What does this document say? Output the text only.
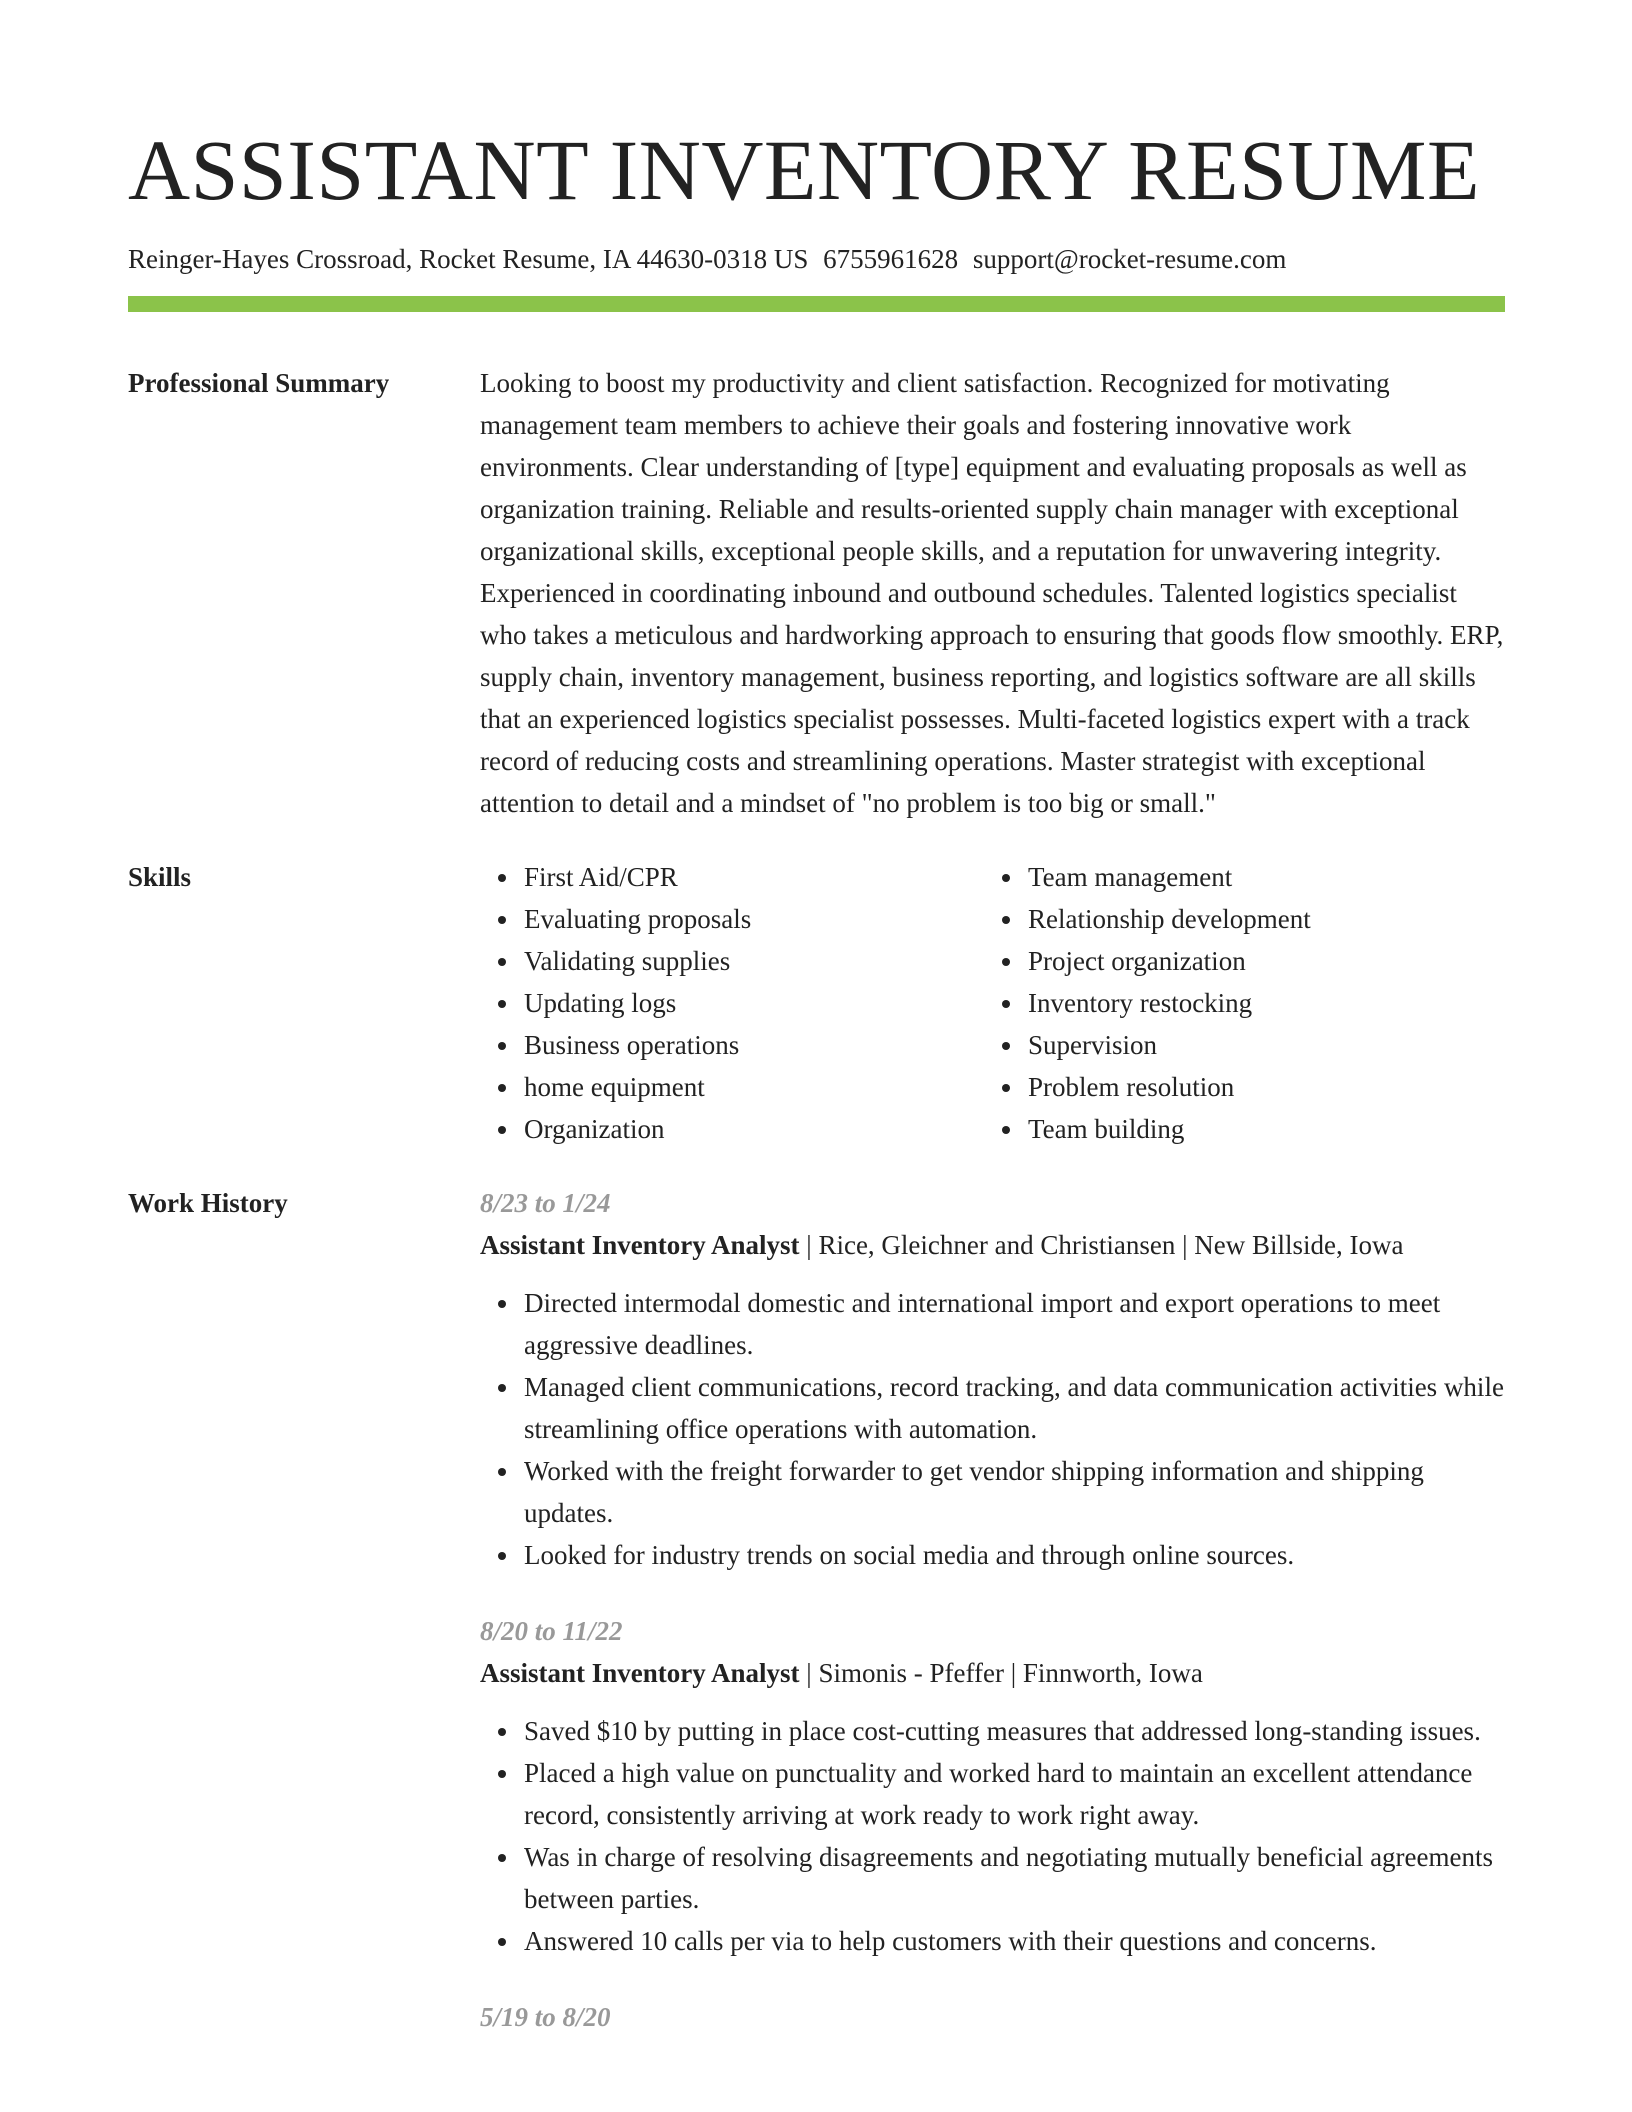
ASSISTANT INVENTORY RESUME
Reinger-Hayes Crossroad, Rocket Resume, IA 44630-0318 US 6755961628 support@rocket-resume.com
Professional Summary	Looking to boost my productivity and client satisfaction. Recognized for motivating management team members to achieve their goals and fostering innovative work environments. Clear understanding of [type] equipment and evaluating proposals as well as organization training. Reliable and results-oriented supply chain manager with exceptional organizational skills, exceptional people skills, and a reputation for unwavering integrity. Experienced in coordinating inbound and outbound schedules. Talented logistics specialist who takes a meticulous and hardworking approach to ensuring that goods flow smoothly. ERP, supply chain, inventory management, business reporting, and logistics software are all skills that an experienced logistics specialist possesses. Multi-faceted logistics expert with a track record of reducing costs and streamlining operations. Master strategist with exceptional attention to detail and a mindset of "no problem is too big or small."
Skills	First Aid/CPR
Evaluating proposals
Validating supplies
Updating logs
Business operations
home equipment
Organization
Team management
Relationship development
Project organization
Inventory restocking
Supervision
Problem resolution
Team building
Work History	8/23 to 1/24
Assistant Inventory Analyst | Rice, Gleichner and Christiansen | New Billside, Iowa
Directed intermodal domestic and international import and export operations to meet aggressive deadlines.
Managed client communications, record tracking, and data communication activities while streamlining office operations with automation.
Worked with the freight forwarder to get vendor shipping information and shipping updates.
Looked for industry trends on social media and through online sources.
8/20 to 11/22
Assistant Inventory Analyst | Simonis - Pfeffer | Finnworth, Iowa
Saved $10 by putting in place cost-cutting measures that addressed long-standing issues.
Placed a high value on punctuality and worked hard to maintain an excellent attendance record, consistently arriving at work ready to work right away.
Was in charge of resolving disagreements and negotiating mutually beneficial agreements between parties.
Answered 10 calls per via to help customers with their questions and concerns.
5/19 to 8/20
